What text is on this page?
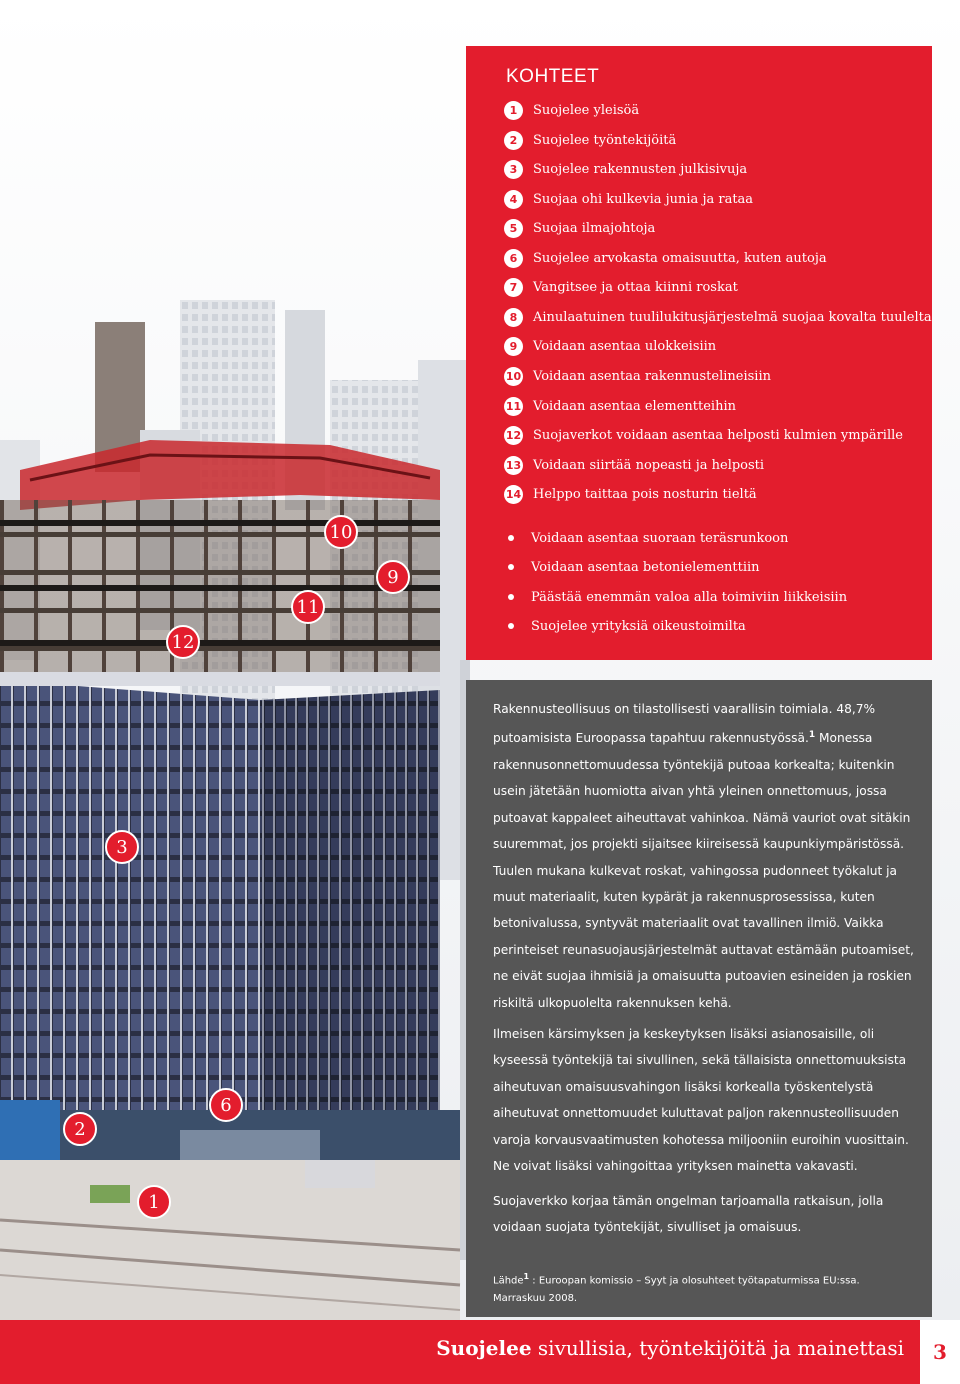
10
9
11
12
3
6
2
1
KOHTEET
1	Suojelee yleisöä
2	Suojelee työntekijöitä
3	Suojelee rakennusten julkisivuja
4	Suojaa ohi kulkevia junia ja rataa
5	Suojaa ilmajohtoja
6	Suojelee arvokasta omaisuutta, kuten autoja
7	Vangitsee ja ottaa kiinni roskat
8	Ainulaatuinen tuulilukitusjärjestelmä suojaa kovalta tuulelta
9	Voidaan asentaa ulokkeisiin
10 Voidaan asentaa rakennustelineisiin
11 Voidaan asentaa elementteihin
12 Suojaverkot voidaan asentaa helposti kulmien ympärille
13 Voidaan siirtää nopeasti ja helposti
14 Helppo taittaa pois nosturin tieltä
Voidaan asentaa suoraan teräsrunkoon
Voidaan asentaa betonielementtiin
Päästää enemmän valoa alla toimiviin liikkeisiin
Suojelee yrityksiä oikeustoimilta

Rakennusteollisuus on tilastollisesti vaarallisin toimiala. 48,7% putoamisista Euroopassa tapahtuu rakennustyössä.$^1$ Monessa rakennusonnettomuudessa työntekijä putoaa korkealta; kuitenkin usein jätetään huomiotta aivan yhtä yleinen onnettomuus, jossa putoavat kappaleet aiheuttavat vahinkoa. Nämä vauriot ovat sitäkin suuremmat, jos projekti sijaitsee kiireisessä kaupunkiympäristössä. Tuulen mukana kulkevat roskat, vahingossa pudonneet työkalut ja muut materiaalit, kuten kypärät ja rakennusprosessissa, kuten betonivalussa, syntyvät materiaalit ovat tavallinen ilmiö. Vaikka perinteiset reunasuojausjärjestelmät auttavat estämään putoamiset, ne eivät suojaa ihmisiä ja omaisuutta putoavien esineiden ja roskien riskiltä ulkopuolelta rakennuksen kehä.

Ilmeisen kärsimyksen ja keskeytyksen lisäksi asianosaisille, oli kyseessä työntekijä tai sivullinen, sekä tällaisista onnettomuuksista aiheutuvan omaisuusvahingon lisäksi korkealla työskentelystä aiheutuvat onnettomuudet kuluttavat paljon rakennusteollisuuden varoja korvausvaatimusten kohotessa miljooniin euroihin vuosittain. Ne voivat lisäksi vahingoittaa yrityksen mainetta vakavasti.

Suojaverkko korjaa tämän ongelman tarjoamalla ratkaisun, jolla voidaan suojata työntekijät, sivulliset ja omaisuus.

Lähde$^1$ : Euroopan komissio – Syyt ja olosuhteet työtapaturmissa EU:ssa. Marraskuu 2008.

Suojelee sivullisia, työntekijöitä ja mainettasi	3
